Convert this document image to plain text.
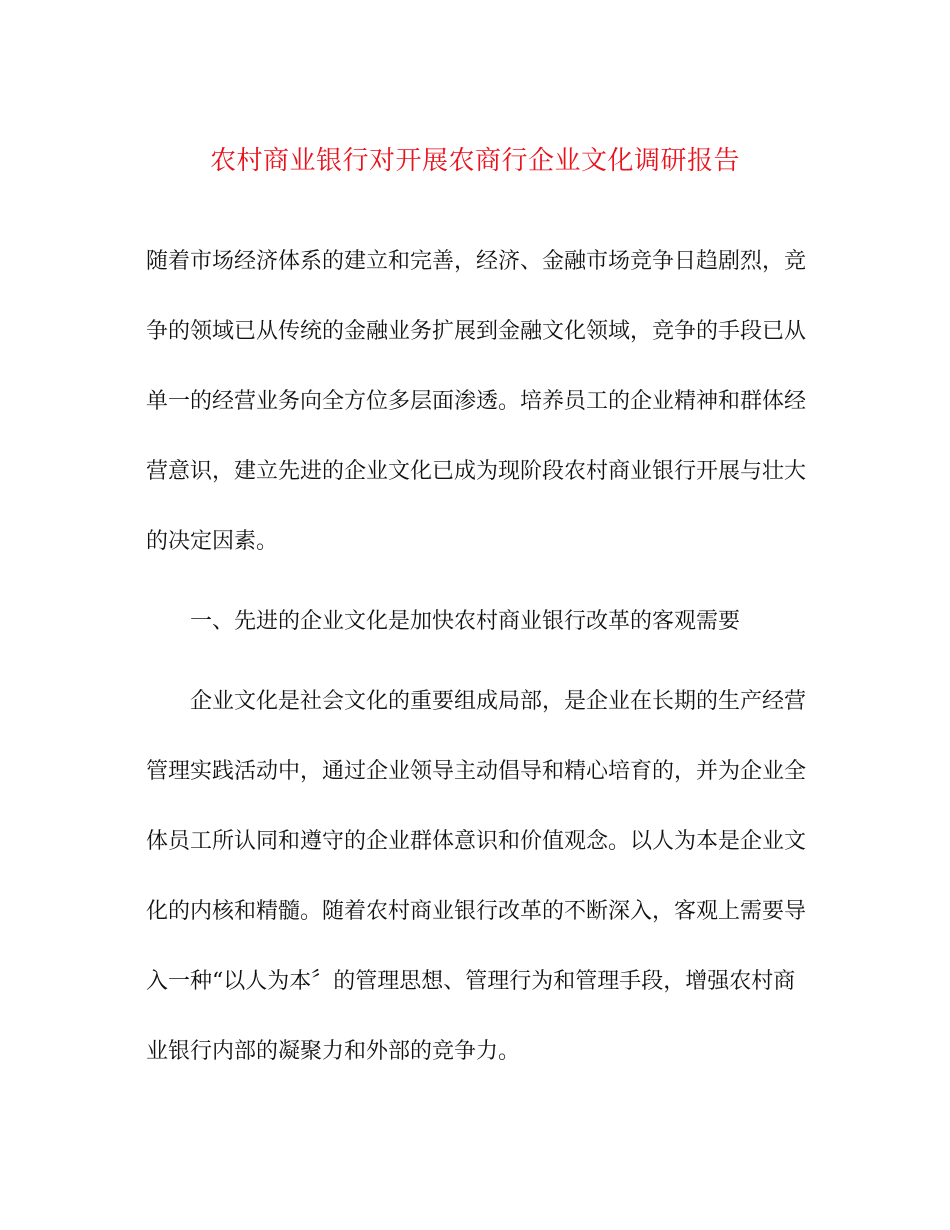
农村商业银行对开展农商行企业文化调研报告
随着市场经济体系的建立和完善，经济、金融市场竞争日趋剧烈，竞
争的领域已从传统的金融业务扩展到金融文化领域，竞争的手段已从
单一的经营业务向全方位多层面渗透。培养员工的企业精神和群体经
营意识，建立先进的企业文化已成为现阶段农村商业银行开展与壮大
的决定因素。
一、先进的企业文化是加快农村商业银行改革的客观需要
企业文化是社会文化的重要组成局部，是企业在长期的生产经营
管理实践活动中，通过企业领导主动倡导和精心培育的，并为企业全
体员工所认同和遵守的企业群体意识和价值观念。以人为本是企业文
化的内核和精髓。随着农村商业银行改革的不断深入，客观上需要导
入一种“以人为本〞的管理思想、管理行为和管理手段，增强农村商
业银行内部的凝聚力和外部的竞争力。
